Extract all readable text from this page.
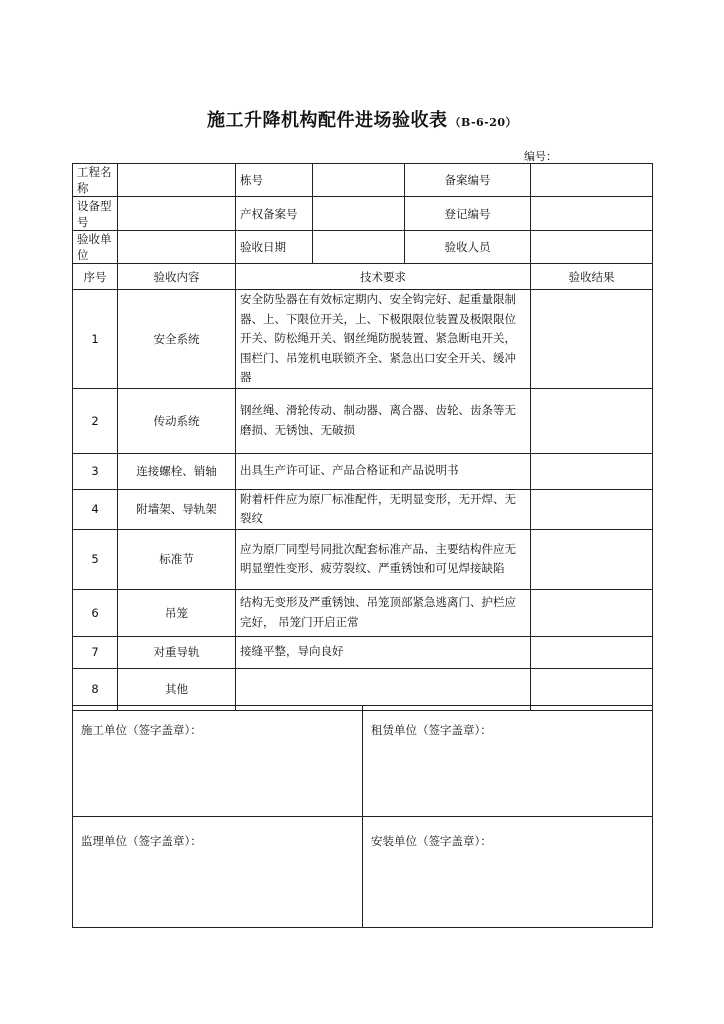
施工升降机构配件进场验收表 （B-6-20）
编号：
工程名称		栋号		备案编号	
设备型号		产权备案号		登记编号	
验收单位		验收日期		验收人员	
序号	验收内容	技术要求			验收结果
1	安全系统	安全防坠器在有效标定期内、安全钩完好、起重量限制器、上、下限位开关，上、下极限限位装置及极限限位开关、防松绳开关、钢丝绳防脱装置、紧急断电开关，围栏门、吊笼机电联锁齐全、紧急出口安全开关、缓冲器			
2	传动系统	钢丝绳、滑轮传动、制动器、离合器、齿轮、齿条等无磨损、无锈蚀、无破损			
3	连接螺栓、销轴	出具生产许可证、产品合格证和产品说明书			
4	附墙架、导轨架	附着杆件应为原厂标准配件，无明显变形，无开焊、无裂纹			
5	标准节	应为原厂同型号同批次配套标准产品、主要结构件应无明显塑性变形、疲劳裂纹、严重锈蚀和可见焊接缺陷			
6	吊笼	结构无变形及严重锈蚀、吊笼顶部紧急逃离门、护栏应完好， 吊笼门开启正常			
7	对重导轨	接缝平整，导向良好			
8	其他				
施工单位（签字盖章）：	租赁单位（签字盖章）：
监理单位（签字盖章）：	安装单位（签字盖章）：
